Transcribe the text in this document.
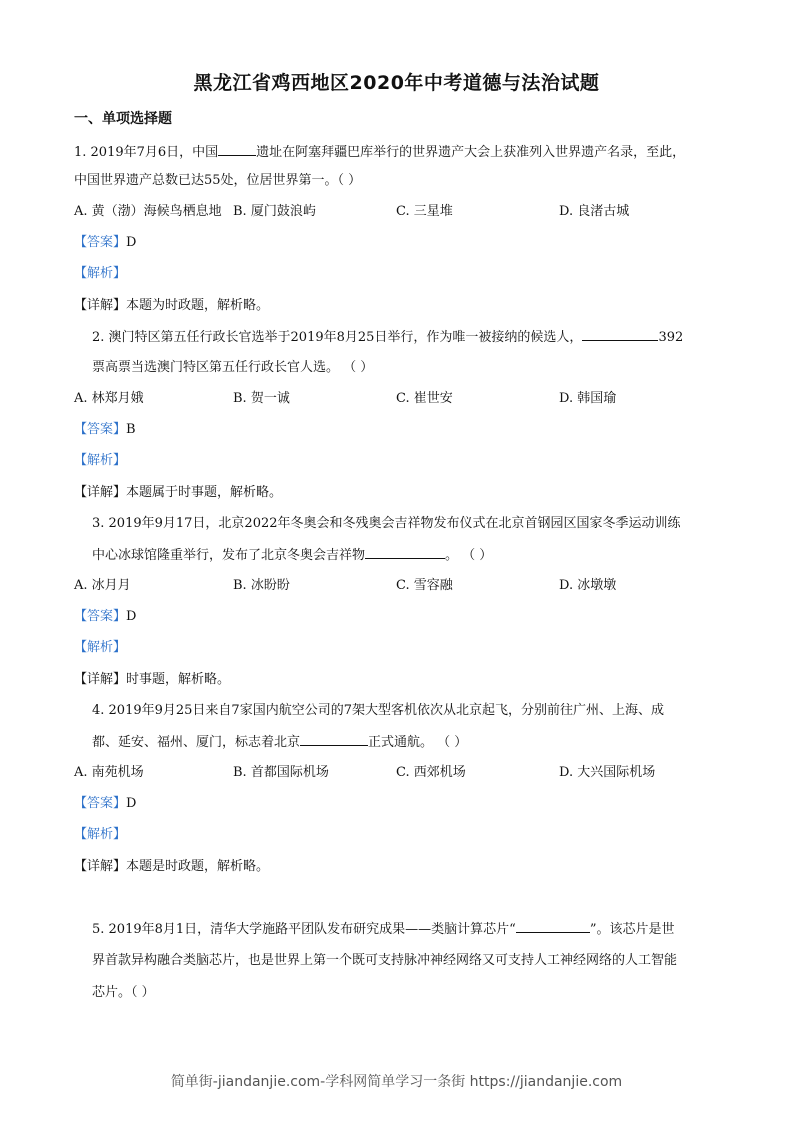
黑龙江省鸡西地区2020年中考道德与法治试题
一、单项选择题
1. 2019年7月6日，中国	遗址在阿塞拜疆巴库举行的世界遗产大会上获准列入世界遗产名录，至此，
中国世界遗产总数已达55处，位居世界第一。（ ）
A. 黄（渤）海候鸟栖息地 B. 厦门鼓浪屿	C. 三星堆	D. 良渚古城
【答案】D
【解析】
【详解】本题为时政题，解析略。
2. 澳门特区第五任行政长官选举于2019年8月25日举行，作为唯一被接纳的候选人，	392
票高票当选澳门特区第五任行政长官人选。 （ ）
A. 林郑月娥	B. 贺一诚	C. 崔世安	D. 韩国瑜
【答案】B
【解析】
【详解】本题属于时事题，解析略。
3. 2019年9月17日，北京2022年冬奥会和冬残奥会吉祥物发布仪式在北京首钢园区国家冬季运动训练
中心冰球馆隆重举行，发布了北京冬奥会吉祥物	。 （ ）
A. 冰月月	B. 冰盼盼	C. 雪容融	D. 冰墩墩
【答案】D
【解析】
【详解】时事题，解析略。
4. 2019年9月25日来自7家国内航空公司的7架大型客机依次从北京起飞，分别前往广州、上海、成
都、延安、福州、厦门，标志着北京	正式通航。 （ ）
A. 南苑机场	B. 首都国际机场	C. 西郊机场	D. 大兴国际机场
【答案】D
【解析】
【详解】本题是时政题，解析略。
5. 2019年8月1日，清华大学施路平团队发布研究成果——类脑计算芯片“	”。该芯片是世
界首款异构融合类脑芯片，也是世界上第一个既可支持脉冲神经网络又可支持人工神经网络的人工智能
芯片。（ ）
简单街-jiandanjie.com-学科网简单学习一条街 https://jiandanjie.com
